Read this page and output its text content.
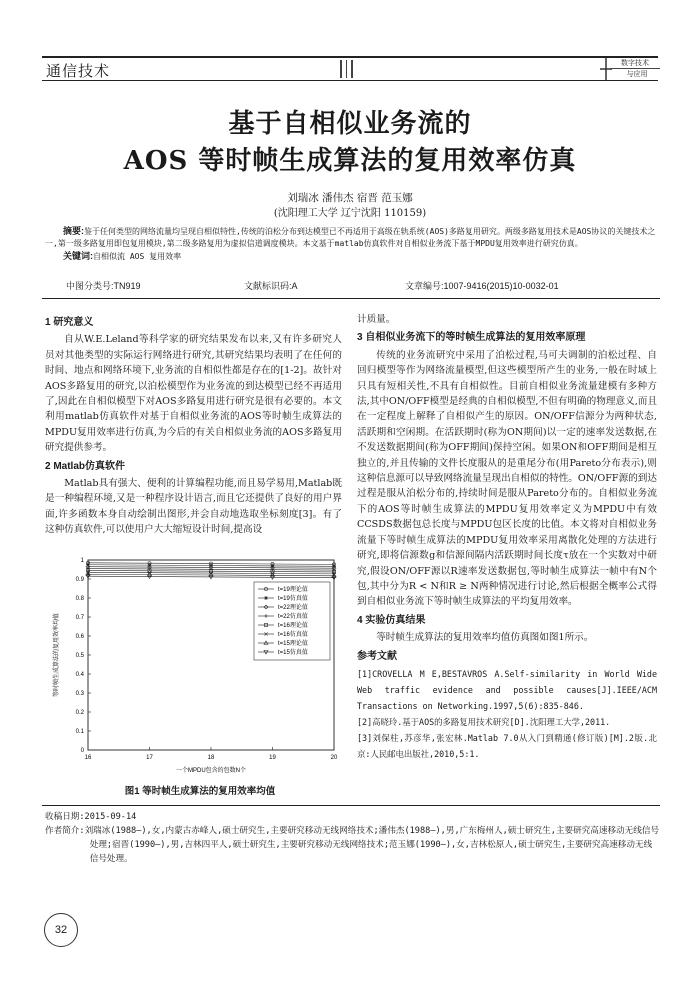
通信技术	数字技术
与应用
基于自相似业务流的
AOS 等时帧生成算法的复用效率仿真
刘瑞冰 潘伟杰 宿晋 范玉娜
(沈阳理工大学 辽宁沈阳 110159)
摘要:鉴于任何类型的网络流量均呈现自相似特性,传统的泊松分布到达模型已不再适用于高级在轨系统(AOS)多路复用研究。两级多路复用技术是AOS协议的关键技术之一,第一级多路复用即包复用模块,第二级多路复用为虚拟信道调度模块。本文基于matlab仿真软件对自相似业务流下基于MPDU复用效率进行研究仿真。
关键词:自相似流 AOS 复用效率
中图分类号:TN919	文献标识码:A	文章编号:1007-9416(2015)10-0032-01
1 研究意义

自从W.E.Leland等科学家的研究结果发布以来,又有许多研究人员对其他类型的实际运行网络进行研究,其研究结果均表明了在任何的时间、地点和网络环境下,业务流的自相似性都是存在的[1-2]。故针对AOS多路复用的研究,以泊松模型作为业务流的到达模型已经不再适用了,因此在自相似模型下对AOS多路复用进行研究是很有必要的。本文利用matlab仿真软件对基于自相似业务流的AOS等时帧生成算法的MPDU复用效率进行仿真,为今后的有关自相似业务流的AOS多路复用研究提供参考。

2 Matlab仿真软件

Matlab具有强大、便利的计算编程功能,而且易学易用,Matlab既是一种编程环境,又是一种程序设计语言,而且它还提供了良好的用户界面,许多函数本身自动绘制出图形,并会自动地选取坐标刻度[3]。有了这种仿真软件,可以使用户大大缩短设计时间,提高设

16	17	18	19	20
0
0.1
0.2
0.3
0.4
0.5
0.6
0.7
0.8
0.9
1
t=19理论值
t=19仿真值
t=22理论值
t=22仿真值
t=16理论值
t=16仿真值
t=15理论值
t=15仿真值
一个MPDU包含的包数N个
等时帧生成算法的复用效率均值
图1 等时帧生成算法的复用效率均值
计质量。
3 自相似业务流下的等时帧生成算法的复用效率原理

传统的业务流研究中采用了泊松过程,马可夫调制的泊松过程、自回归模型等作为网络流量模型,但这些模型所产生的业务,一般在时域上只具有短相关性,不具有自相似性。目前自相似业务流量建模有多种方法,其中ON/OFF模型是经典的自相似模型,不但有明确的物理意义,而且在一定程度上解释了自相似产生的原因。ON/OFF信源分为两种状态,活跃期和空闲期。在活跃期时(称为ON期间)以一定的速率发送数据,在不发送数据期间(称为OFF期间)保持空闲。如果ON和OFF期间是相互独立的,并且传输的文件长度服从的是重尾分布(用Pareto分布表示),则这种信息源可以导致网络流量呈现出自相似的特性。ON/OFF源的到达过程是服从泊松分布的,持续时间是服从Pareto分布的。自相似业务流下的AOS等时帧生成算法的MPDU复用效率定义为MPDU中有效CCSDS数据包总长度与MPDU包区长度的比值。本文将对自相似业务流量下等时帧生成算法的MPDU复用效率采用离散化处理的方法进行研究,即将信源数g和信源间隔内活跃期时间长度τ放在一个实数对中研究,假设ON/OFF源以R速率发送数据包,等时帧生成算法一帧中有N个包,其中分为R < N和R ≥ N两种情况进行讨论,然后根据全概率公式得到自相似业务流下等时帧生成算法的平均复用效率。

4 实验仿真结果

等时帧生成算法的复用效率均值仿真图如图1所示。

参考文献
[1]CROVELLA M E,BESTAVROS A.Self-similarity in World Wide Web traffic evidence and possible causes[J].IEEE/ACM Transactions on Networking.1997,5(6):835-846.
[2]高晓玲.基于AOS的多路复用技术研究[D].沈阳理工大学,2011.
[3]刘保柱,苏彦华,张宏林.Matlab 7.0从入门到精通(修订版)[M].2版.北京:人民邮电出版社,2010,5:1.
收稿日期:2015-09-14
作者简介:刘瑞冰(1988—),女,内蒙古赤峰人,硕士研究生,主要研究移动无线网络技术;潘伟杰(1988—),男,广东梅州人,硕士研究生,主要研究高速移动无线信号处理;宿晋(1990—),男,吉林四平人,硕士研究生,主要研究移动无线网络技术;范玉娜(1990—),女,吉林松原人,硕士研究生,主要研究高速移动无线信号处理。
32
